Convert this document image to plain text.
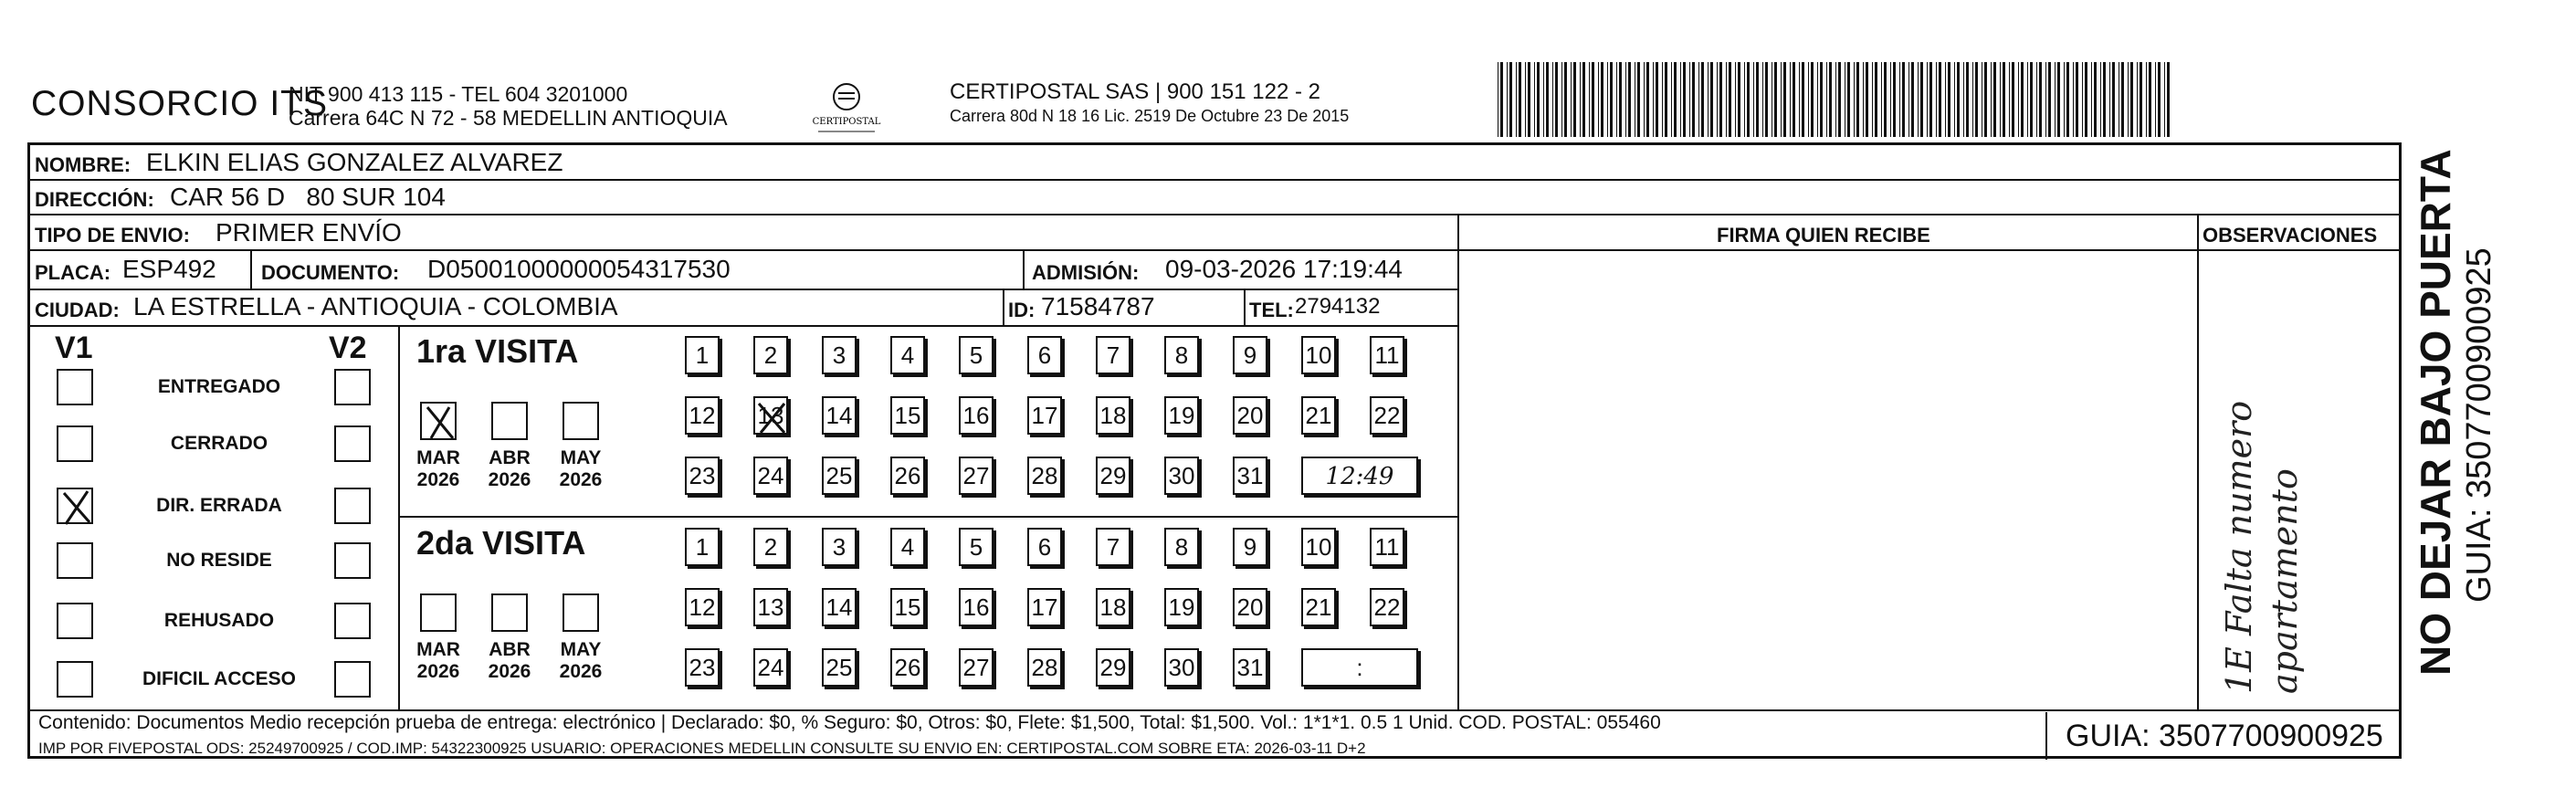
CONSORCIO ITS
NIT 900 413 115 - TEL 604 3201000
Carrera 64C N 72 - 58 MEDELLIN ANTIOQUIA	CERTIPOSTAL
CERTIPOSTAL SAS | 900 151 122 - 2
Carrera 80d N 18 16 Lic. 2519 De Octubre 23 De 2015
NOMBRE: ELKIN ELIAS GONZALEZ ALVAREZ
DIRECCIÓN: CAR 56 D   80 SUR 104
TIPO DE ENVIO: PRIMER ENVÍO	FIRMA QUIEN RECIBE	OBSERVACIONES
PLACA: ESP492 DOCUMENTO: D05001000000054317530	ADMISIÓN: 09-03-2026 17:19:44
CIUDAD: LA ESTRELLA - ANTIOQUIA - COLOMBIA	ID: 71584787	TEL: 2794132
V1	V2
ENTREGADO
CERRADO
DIR. ERRADA
NO RESIDE
REHUSADO
DIFICIL ACCESO
1ra VISITA
MAR
2026
ABR
2026
MAY
2026
1	2	3	4	5	6	7	8	9	10 11
12 13 14 15 16 17 18 19 20 21 22
23 24 25 26 27 28 29 30 31	12:49
2da VISITA
MAR
2026
ABR
2026
MAY
2026
1	2	3	4	5	6	7	8	9	10 11
12 13 14 15 16 17 18 19 20 21 22
23 24 25 26 27 28 29 30 31	:	1E Falta numero apartamento
Contenido: Documentos Medio recepción prueba de entrega: electrónico | Declarado: $0, % Seguro: $0, Otros: $0, Flete: $1,500, Total: $1,500. Vol.: 1*1*1. 0.5 1 Unid. COD. POSTAL: 055460
IMP POR FIVEPOSTAL ODS: 25249700925 / COD.IMP: 54322300925 USUARIO: OPERACIONES MEDELLIN CONSULTE SU ENVIO EN: CERTIPOSTAL.COM SOBRE ETA: 2026-03-11 D+2	GUIA: 3507700900925
NO DEJAR BAJO PUERTA GUIA: 3507700900925
